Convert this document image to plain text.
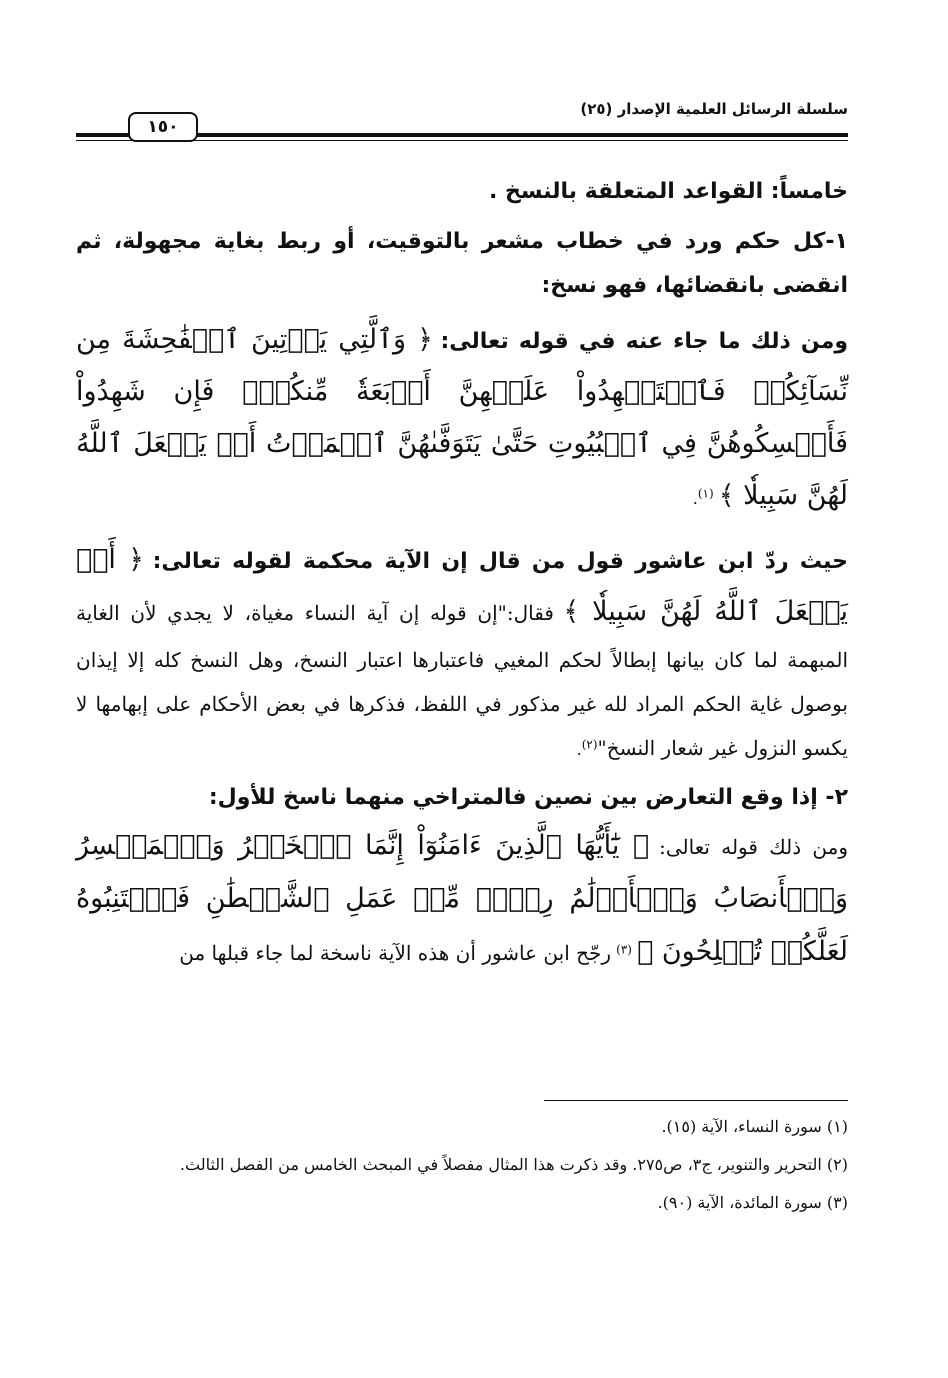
سلسلة الرسائل العلمية الإصدار (٢٥)
١٥٠

خامساً: القواعد المتعلقة بالنسخ .

١-كل حكم ورد في خطاب مشعر بالتوقيت، أو ربط بغاية مجهولة، ثم انقضى بانقضائها، فهو نسخ:

ومن ذلك ما جاء عنه في قوله تعالى: ﴿ وَٱلَّتِي يَأۡتِينَ ٱلۡفَٰحِشَةَ مِن نِّسَآئِكُمۡ فَٱسۡتَشۡهِدُواْ عَلَيۡهِنَّ أَرۡبَعَةٗ مِّنكُمۡۖ فَإِن شَهِدُواْ فَأَمۡسِكُوهُنَّ فِي ٱلۡبُيُوتِ حَتَّىٰ يَتَوَفَّىٰهُنَّ ٱلۡمَوۡتُ أَوۡ يَجۡعَلَ ٱللَّهُ لَهُنَّ سَبِيلٗا ﴾ $^{(١)}$.

حيث ردّ ابن عاشور قول من قال إن الآية محكمة لقوله تعالى: ﴿ أَوۡ يَجۡعَلَ ٱللَّهُ لَهُنَّ سَبِيلٗا ﴾ فقال:"إن قوله إن آية النساء مغياة، لا يجدي لأن الغاية المبهمة لما كان بيانها إبطالاً لحكم المغيي فاعتبارها اعتبار النسخ، وهل النسخ كله إلا إيذان بوصول غاية الحكم المراد لله غير مذكور في اللفظ، فذكرها في بعض الأحكام على إبهامها لا يكسو النزول غير شعار النسخ"$^{(٢)}$.

٢- إذا وقع التعارض بين نصين فالمتراخي منهما ناسخ للأول:

ومن ذلك قوله تعالى: ﴿ يَٰٓأَيُّهَا ٱلَّذِينَ ءَامَنُوٓاْ إِنَّمَا ٱلۡخَمۡرُ وَٱلۡمَيۡسِرُ وَٱلۡأَنصَابُ وَٱلۡأَزۡلَٰمُ رِجۡسٞ مِّنۡ عَمَلِ ٱلشَّيۡطَٰنِ فَٱجۡتَنِبُوهُ لَعَلَّكُمۡ تُفۡلِحُونَ ﴾ $^{(٣)}$ رجّح ابن عاشور أن هذه الآية ناسخة لما جاء قبلها من

(١) سورة النساء، الآية (١٥).

(٢) التحرير والتنوير، ج٣، ص٢٧٥. وقد ذكرت هذا المثال مفصلاً في المبحث الخامس من الفصل الثالث.

(٣) سورة المائدة، الآية (٩٠).
